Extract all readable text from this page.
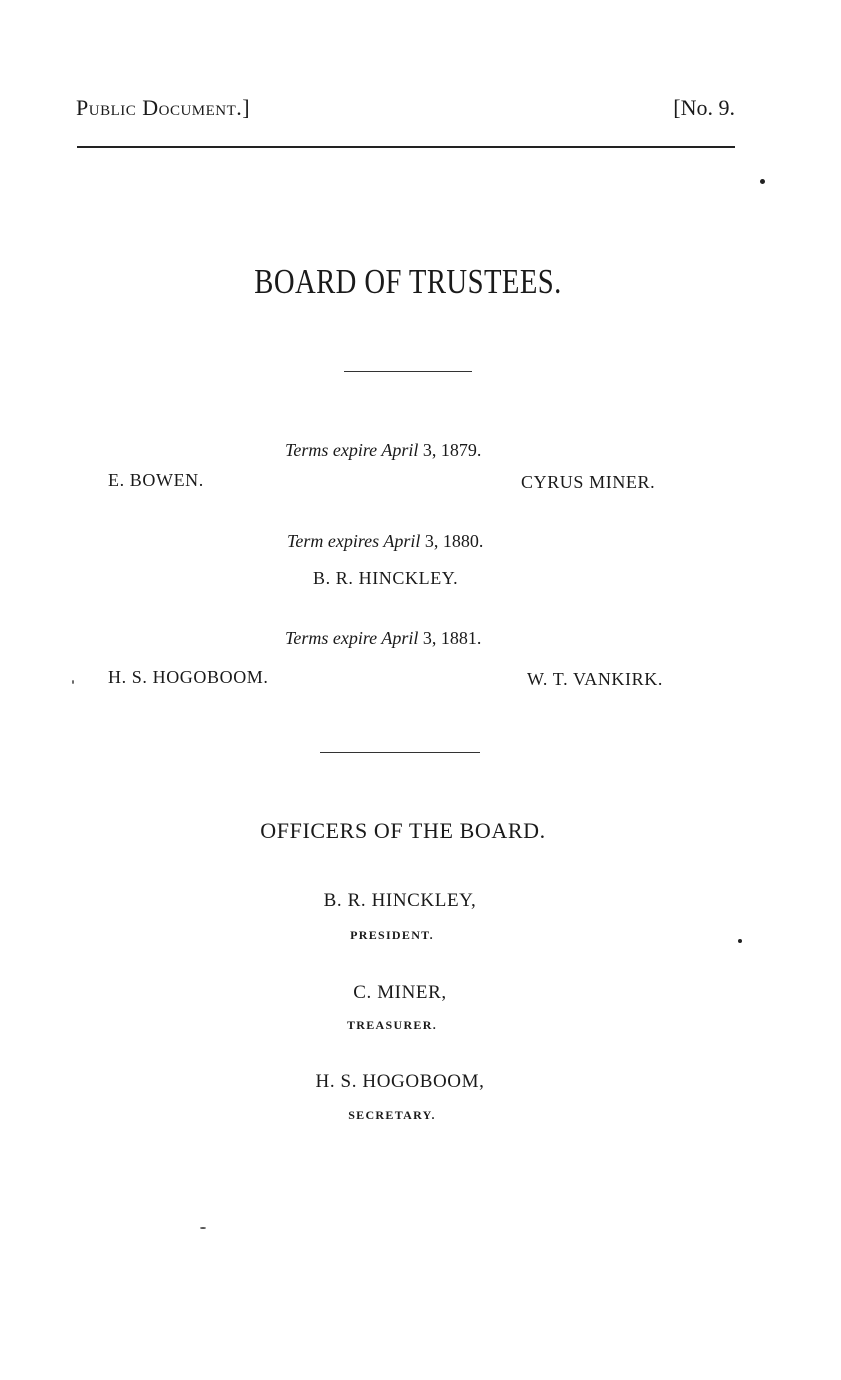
Public Document.]	[No. 9.
BOARD OF TRUSTEES.
Terms expire April 3, 1879.
E. BOWEN.	CYRUS MINER.
Term expires April 3, 1880.
B. R. HINCKLEY.
Terms expire April 3, 1881.
H. S. HOGOBOOM.	W. T. VANKIRK.
OFFICERS OF THE BOARD.
B. R. HINCKLEY,
PRESIDENT.
C. MINER,
TREASURER.
H. S. HOGOBOOM,
SECRETARY.
